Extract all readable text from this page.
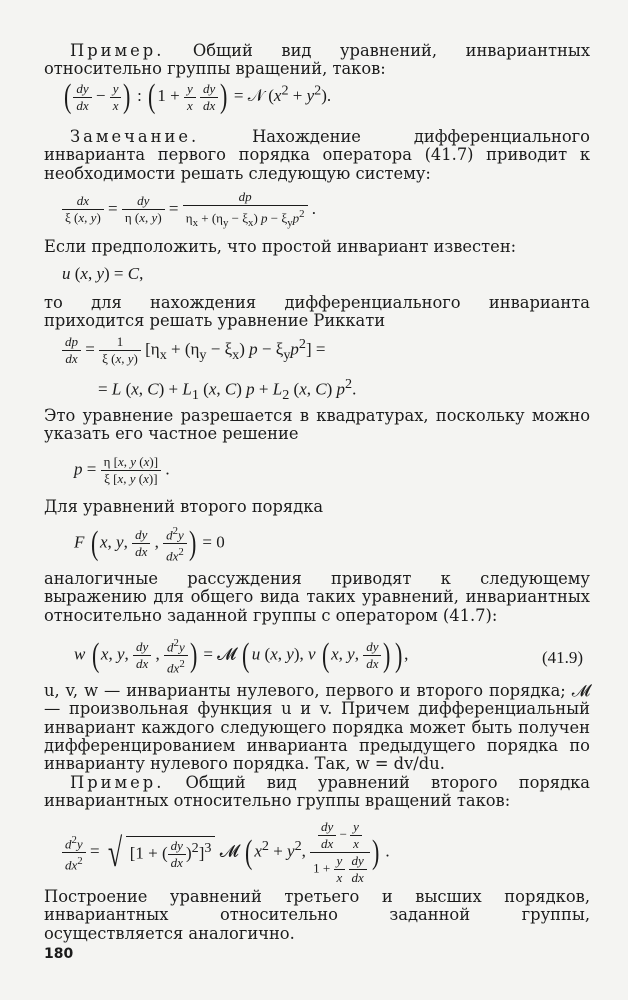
Пример. Общий вид уравнений, инвариантных относительно группы вращений, таков:

( $\frac{dy}{dx} - \frac{y}{x}$ ) : ( $1 + \frac{y}{x}$
$\frac{dy}{dx}$ ) = 𝒩 $(x^2 + y^2)$.

Замечание. Нахождение дифференциального инварианта первого порядка оператора (41.7) приводит к необходимости решать следующую систему:

$\frac{dx}{\xi (x, y)} = \frac{dy}{\eta (x, y)}$ =
dp
$\eta_x + (\eta_y - \xi_x) p - \xi_yp^2$ .

Если предположить, что простой инвариант известен:

u (x, y) = C,

то для нахождения дифференциального инварианта приходится решать уравнение Риккати

$\frac{dp}{dx} = \frac{1}{\xi (x, y)} [\eta_x + (\eta_y - \xi_x) p - \xi_yp^2]$ =
= L (x, $C) + L_1$ (x, C) $p + L_2$ (x, C) $p^2$.

Это уравнение разрешается в квадратурах, поскольку можно указать его частное решение

$p = \frac{\eta [x, y (x)]}{\xi [x, y (x)]}$ .

Для уравнений второго порядка

F ( x, y, $\frac{dy}{dx}$ , $\frac{d^2y}{dx^2}$ ) = 0

аналогичные рассуждения приводят к следующему выражению для общего вида таких уравнений, инвариантных относительно заданной группы с оператором (41.7):

w ( x, y, $\frac{dy}{dx}$ , $\frac{d^2y}{dx^2}$ ) = 𝓜 ( u (x, y), v ( x, y, $\frac{dy}{dx}$ ) ) ,	(41.9)

u, v, w — инварианты нулевого, первого и второго порядка; 𝓜 — произвольная функция u и v. Причем дифференциальный инвариант каждого следующего порядка может быть получен дифференцированием инварианта предыдущего порядка по инварианту нулевого порядка. Так, w = dv/du.

Пример. Общий вид уравнений второго порядка инвариантных относительно группы вращений таков:

$\frac{d^2y}{dx^2}$ = √ [1 + ( $\frac{dy}{dx} )^2]^3$ 𝓜 ( $x^2 + y^2$, $\frac{dy}{dx} - \frac{y}{x}$
$1 + \frac{y}{x}$
$\frac{dy}{dx}$ ) .

Построение уравнений третьего и высших порядков, инвариантных относительно заданной группы, осуществляется аналогично.

180
